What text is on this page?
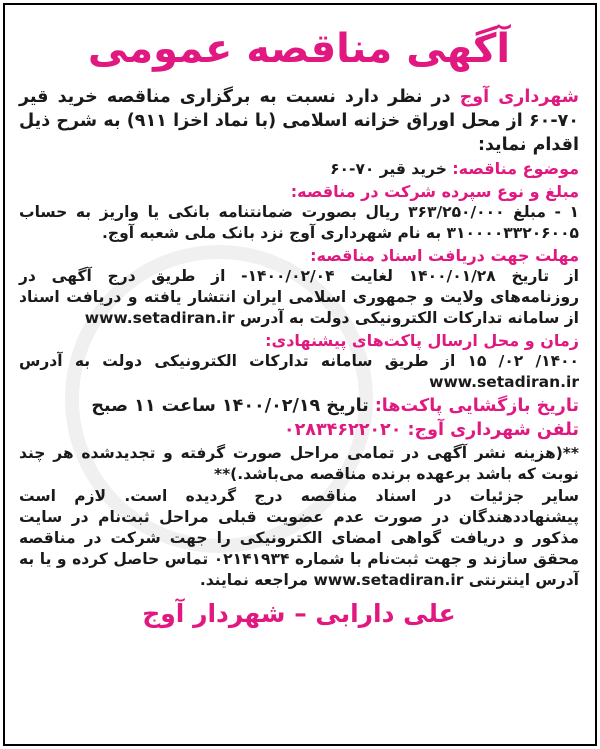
آگهی مناقصه عمومی

شهرداری آوج در نظر دارد نسبت به برگزاری مناقصه خرید قیر ۷۰-۶۰ از محل اوراق خزانه اسلامی (با نماد اخزا ۹۱۱) به شرح ذیل اقدام نماید:

موضوع مناقصه: خرید قیر ۷۰-۶۰

مبلغ و نوع سپرده شرکت در مناقصه:

۱ - مبلغ ۳۶۳/۲۵۰/۰۰۰ ریال بصورت ضمانتنامه بانکی یا واریز به حساب ۳۱۰۰۰۰۳۳۲۰۶۰۰۵ به نام شهرداری آوج نزد بانک ملی شعبه آوج.

مهلت جهت دریافت اسناد مناقصه:

از تاریخ ۱۴۰۰/۰۱/۲۸ لغایت ۱۴۰۰/۰۲/۰۴- از طریق درج آگهی در روزنامه‌های ولایت و جمهوری اسلامی ایران انتشار یافته و دریافت اسناد از سامانه تدارکات الکترونیکی دولت به آدرس www.setadiran.ir

زمان و محل ارسال پاکت‌های پیشنهادی:

۱۴۰۰/ ۰۲/ ۱۵ از طریق سامانه تدارکات الکترونیکی دولت به آدرس www.setadiran.ir

تاریخ بازگشایی پاکت‌ها: تاریخ ۱۴۰۰/۰۲/۱۹ ساعت ۱۱ صبح

تلفن شهرداری آوج: ۰۲۸۳۴۶۲۲۰۲۰

**(هزینه نشر آگهی در تمامی مراحل صورت گرفته و تجدیدشده هر چند نوبت که باشد برعهده برنده مناقصه می‌باشد.)**

سایر جزئیات در اسناد مناقصه درج گردیده است. لازم است پیشنهاددهندگان در صورت عدم عضویت قبلی مراحل ثبت‌نام در سایت مذکور و دریافت گواهی امضای الکترونیکی را جهت شرکت در مناقصه محقق سازند و جهت ثبت‌نام با شماره ۰۲۱۴۱۹۳۴ تماس حاصل کرده و یا به آدرس اینترنتی www.setadiran.ir مراجعه نمایند.

علی دارابی – شهردار آوج
